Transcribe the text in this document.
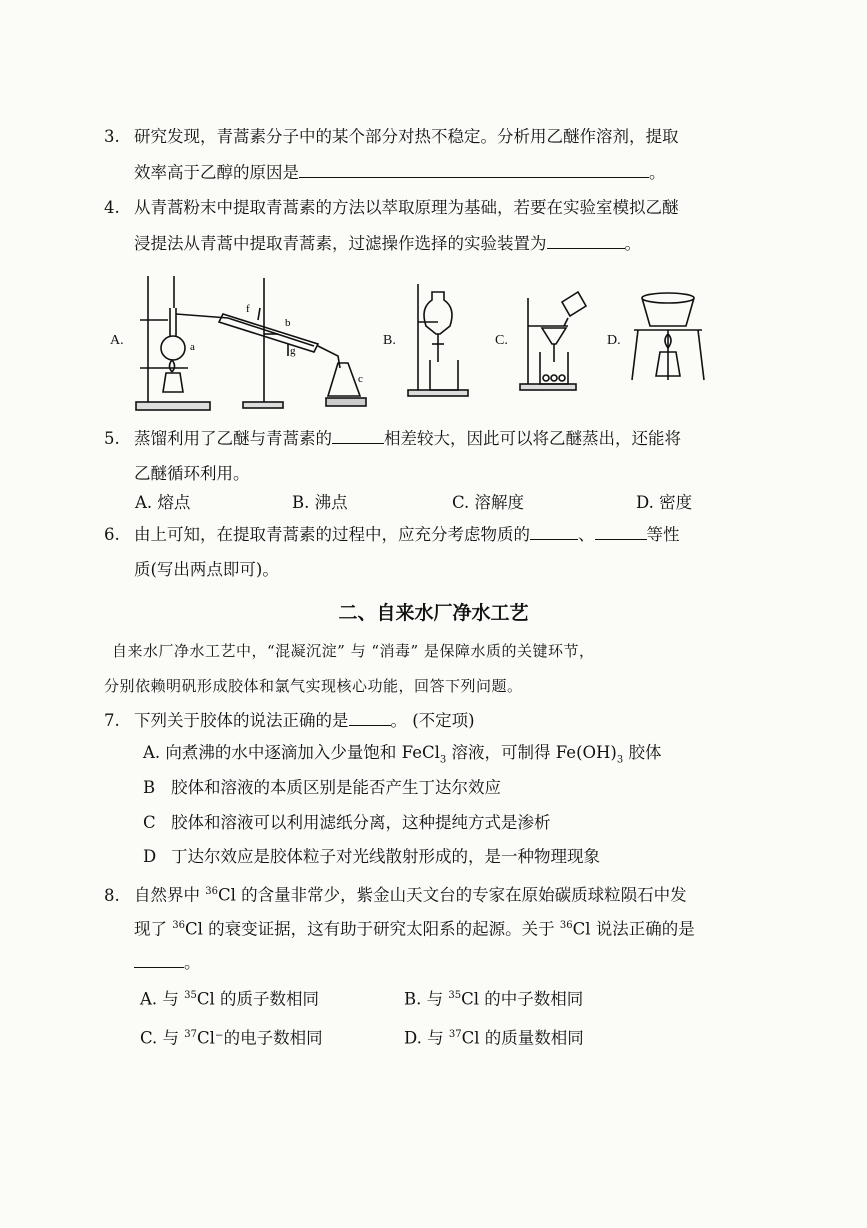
3. 研究发现，青蒿素分子中的某个部分对热不稳定。分析用乙醚作溶剂，提取
效率高于乙醇的原因是	。
4. 从青蒿粉末中提取青蒿素的方法以萃取原理为基础，若要在实验室模拟乙醚
浸提法从青蒿中提取青蒿素，过滤操作选择的实验装置为	。
A.	B.	C.	D.
a
b
c
f
g
5. 蒸馏利用了乙醚与青蒿素的	相差较大，因此可以将乙醚蒸出，还能将
乙醚循环利用。
A. 熔点	B. 沸点	C. 溶解度	D. 密度
6. 由上可知，在提取青蒿素的过程中，应充分考虑物质的	、	等性
质(写出两点即可)。
二、自来水厂净水工艺
自来水厂净水工艺中，“混凝沉淀” 与 “消毒” 是保障水质的关键环节，
分别依赖明矾形成胶体和氯气实现核心功能，回答下列问题。
7. 下列关于胶体的说法正确的是	。 (不定项)
A. 向煮沸的水中逐滴加入少量饱和 FeCl$_3$ 溶液，可制得 $Fe(OH)_3$ 胶体
B 胶体和溶液的本质区别是能否产生丁达尔效应
C 胶体和溶液可以利用滤纸分离，这种提纯方式是渗析
D 丁达尔效应是胶体粒子对光线散射形成的，是一种物理现象
8. 自然界中 $^{36}$Cl 的含量非常少，紫金山天文台的专家在原始碳质球粒陨石中发
现了 $^{36}$Cl 的衰变证据，这有助于研究太阳系的起源。关于 $^{36}$Cl 说法正确的是
。
A. 与 $^{35}$Cl 的质子数相同	B. 与 $^{35}$Cl 的中子数相同
C. 与 $^{37}$Cl⁻的电子数相同	D. 与 $^{37}$Cl 的质量数相同
